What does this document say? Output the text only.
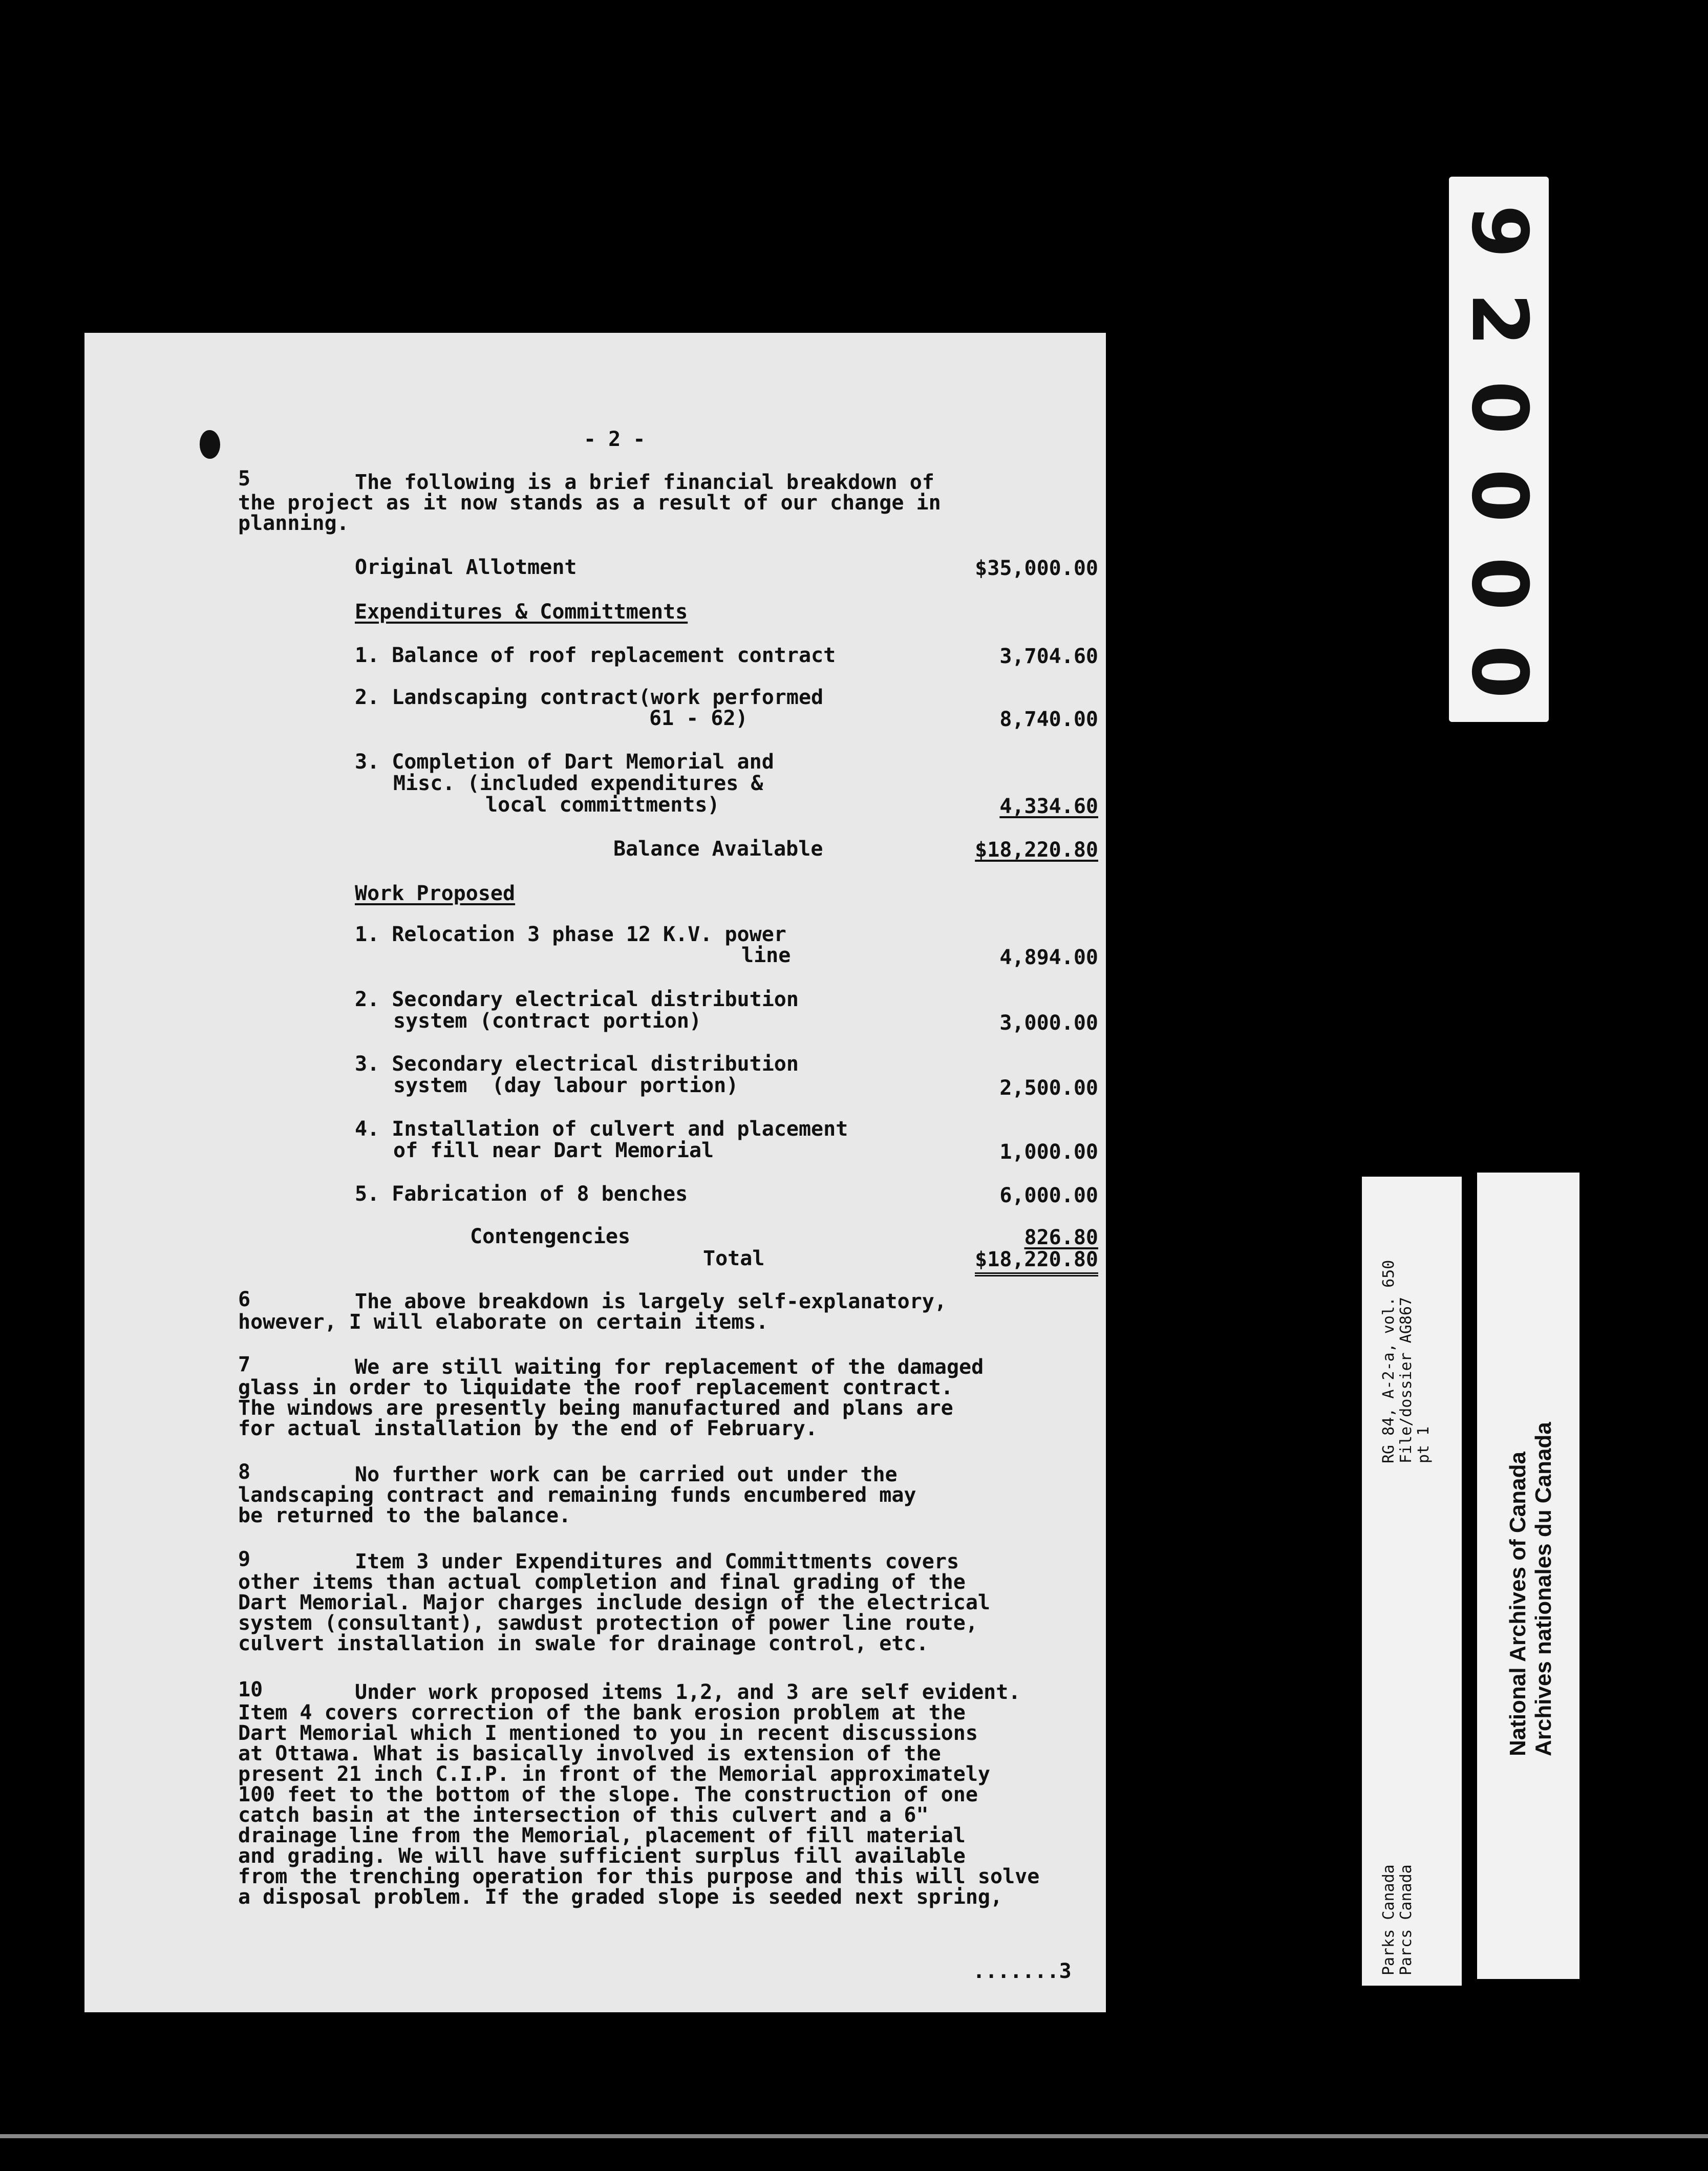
- 2 -
5	The following is a brief financial breakdown of
the project as it now stands as a result of our change in
planning.
Original Allotment	$35,000.00
Expenditures & Committments
1. Balance of roof replacement contract	3,704.60
2. Landscaping contract(work performed
61 - 62)	8,740.00
3. Completion of Dart Memorial and
Misc. (included expenditures &
local committments)	4,334.60
Balance Available	$18,220.80
Work Proposed
1. Relocation 3 phase 12 K.V. power
line	4,894.00
2. Secondary electrical distribution
system (contract portion)	3,000.00
3. Secondary electrical distribution
system  (day labour portion)	2,500.00
4. Installation of culvert and placement
of fill near Dart Memorial	1,000.00
5. Fabrication of 8 benches	6,000.00
Contengencies	826.80
Total	$18,220.80
6	The above breakdown is largely self-explanatory,
however, I will elaborate on certain items.
7	We are still waiting for replacement of the damaged
glass in order to liquidate the roof replacement contract.
The windows are presently being manufactured and plans are
for actual installation by the end of February.
8	No further work can be carried out under the
landscaping contract and remaining funds encumbered may
be returned to the balance.
9	Item 3 under Expenditures and Committments covers
other items than actual completion and final grading of the
Dart Memorial. Major charges include design of the electrical
system (consultant), sawdust protection of power line route,
culvert installation in swale for drainage control, etc.
10	Under work proposed items 1,2, and 3 are self evident.
Item 4 covers correction of the bank erosion problem at the
Dart Memorial which I mentioned to you in recent discussions
at Ottawa. What is basically involved is extension of the
present 21 inch C.I.P. in front of the Memorial approximately
100 feet to the bottom of the slope. The construction of one
catch basin at the intersection of this culvert and a 6"
drainage line from the Memorial, placement of fill material
and grading. We will have sufficient surplus fill available
from the trenching operation for this purpose and this will solve
a disposal problem. If the graded slope is seeded next spring,
.......3
9
2
0
0
0
0
RG 84, A-2-a, vol. 650 File/dossier AG867 pt 1
Parks Canada Parcs Canada
National Archives of Canada Archives nationales du Canada
